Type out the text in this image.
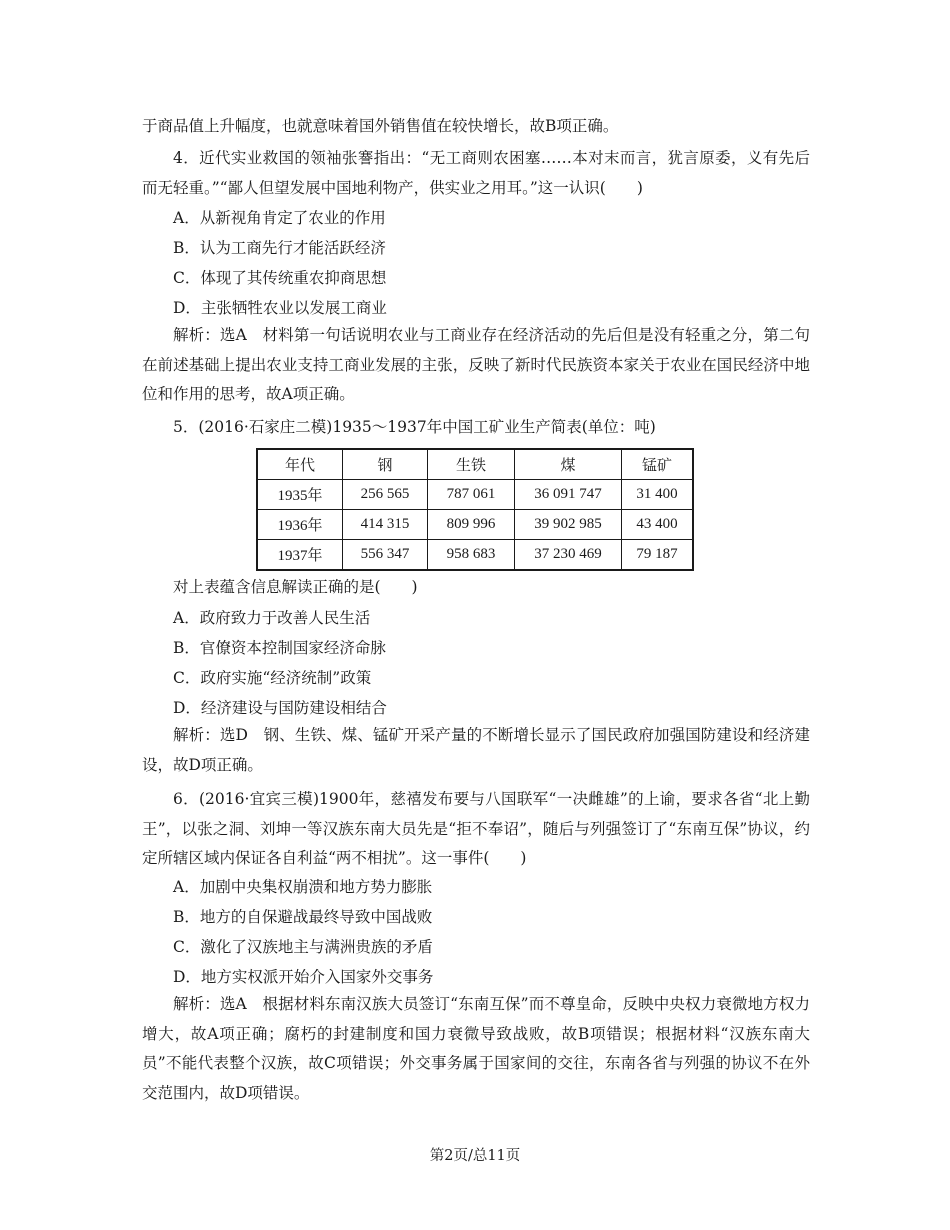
于商品值上升幅度，也就意味着国外销售值在较快增长，故B项正确。

4．近代实业救国的领袖张謇指出：“无工商则农困塞……本对末而言，犹言原委，义有先后而无轻重。”“鄙人但望发展中国地利物产，供实业之用耳。”这一认识(　　)

A．从新视角肯定了农业的作用

B．认为工商先行才能活跃经济

C．体现了其传统重农抑商思想

D．主张牺牲农业以发展工商业

解析：选A　材料第一句话说明农业与工商业存在经济活动的先后但是没有轻重之分，第二句在前述基础上提出农业支持工商业发展的主张，反映了新时代民族资本家关于农业在国民经济中地位和作用的思考，故A项正确。

5．(2016·石家庄二模)1935～1937年中国工矿业生产简表(单位：吨)

年代	钢	生铁	煤	锰矿
1935年	256 565	787 061	36 091 747	31 400
1936年	414 315	809 996	39 902 985	43 400
1937年	556 347	958 683	37 230 469	79 187

对上表蕴含信息解读正确的是(　　)

A．政府致力于改善人民生活

B．官僚资本控制国家经济命脉

C．政府实施“经济统制”政策

D．经济建设与国防建设相结合

解析：选D　钢、生铁、煤、锰矿开采产量的不断增长显示了国民政府加强国防建设和经济建设，故D项正确。

6．(2016·宜宾三模)1900年，慈禧发布要与八国联军“一决雌雄”的上谕，要求各省“北上勤王”，以张之洞、刘坤一等汉族东南大员先是“拒不奉诏”，随后与列强签订了“东南互保”协议，约定所辖区域内保证各自利益“两不相扰”。这一事件(　　)

A．加剧中央集权崩溃和地方势力膨胀

B．地方的自保避战最终导致中国战败

C．激化了汉族地主与满洲贵族的矛盾

D．地方实权派开始介入国家外交事务

解析：选A　根据材料东南汉族大员签订“东南互保”而不尊皇命，反映中央权力衰微地方权力增大，故A项正确；腐朽的封建制度和国力衰微导致战败，故B项错误；根据材料“汉族东南大员”不能代表整个汉族，故C项错误；外交事务属于国家间的交往，东南各省与列强的协议不在外交范围内，故D项错误。

第2页/总11页
